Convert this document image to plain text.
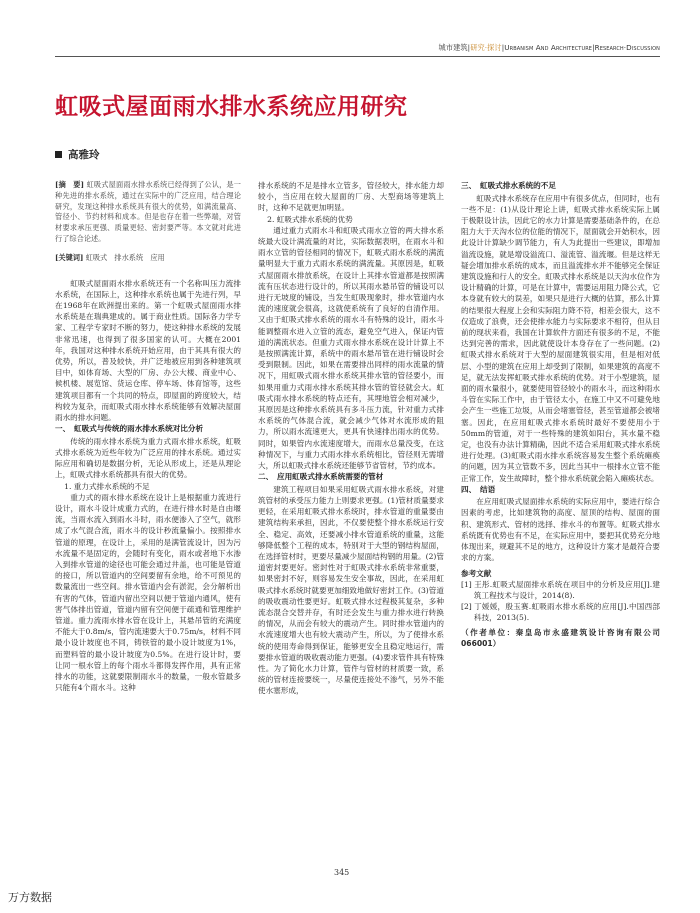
城市建筑|研究·探讨|Urbanism And Architecture|Research·Discussion
虹吸式屋面雨水排水系统应用研究
高雅玲
[摘　要] 虹吸式屋面雨水排水系统已经得到了公认，是一种先进的排水系统，通过在实际中的广泛应用，结合理论研究，发现这种排水系统具有很大的优势，如满流量高、管径小、节约材料和成本。但是也存在着一些弊端，对管材要求承压更强、质量更轻、密封要严等。本文就对此进行了综合论述。
[关键词] 虹吸式　排水系统　应用

虹吸式屋面雨水排水系统还有一个名称叫压力流排水系统，在国际上，这种排水系统也属于先进行列，早在1968年在欧洲提出来的。第一个虹吸式屋面雨水排水系统是在瑞典建成的。属于商业性质。国际各力学专家、工程学专家时不断的努力，使这种排水系统的发展非常迅速，也得到了很多国家的认可。大概在2001年，我国对这种排水系统开始应用，由于其具有很大的优势，所以，普及较快，并广泛地被应用到各种建筑项目中，如体育场、大型的厂房、办公大楼、商业中心、候机楼、展览馆、货运仓库、停车场、体育馆等，这些建筑项目都有一个共同的特点，即屋面的跨度较大，结构较为复杂，而虹吸式雨水排水系统能够有效解决屋面雨水的排水问题。

一、　虹吸式与传统的雨水排水系统对比分析

传统的雨水排水系统为重力式雨水排水系统，虹吸式排水系统为近些年较为广泛应用的排水系统。通过实际应用和确切是数据分析，无论从形成上，还是从理论上，虹吸式排水系统都具有很大的优势。

1. 重力式排水系统的不足

重力式的雨水排水系统在设计上是根据重力流进行设计，雨水斗设计成重力式的，在进行排水时是自由堰流，当雨水流入到雨水斗时，雨水便渗入了空气，就形成了水气混合流，雨水斗的设计秒流量偏小。按照排水管道的原理，在设计上，采用的是满管流设计，因为污水流量不是固定的，会随时有变化，雨水或者地下水渗入到排水管道的途径也可能会通过井盖，也可能是管道的接口，所以管道内的空间要留有余地，给不可预见的数量流出一些空间。排水管道内会有淤泥，会分解析出有害的气体，管道内留出空间以便于管道内通风，使有害气体排出管道，管道内留有空间便于疏通和管理维护管道。重力流雨水排水管在设计上，其悬吊管的充满度不能大于0.8m/s，管内流速要大于0.75m/s，材料不同最小设计坡度也不同，铸铁管的最小设计坡度为1%，而塑料管的最小设计坡度为0.5%。在进行设计时，要让同一根水管上的每个雨水斗都得发挥作用，具有正常排水的功能，这就要限制雨水斗的数量，一般水管最多只能有4个雨水斗。这种

排水系统的不足是排水立管多，管径较大，排水能力却较小，当应用在较大屋面的厂房、大型商场等建筑上时，这种不足就更加明显。

2. 虹吸式排水系统的优势

通过重力式雨水斗和虹吸式雨水立管的两大排水系统最大设计满流量的对比，实际数据表明，在雨水斗和雨水立管的管径相同的情况下，虹吸式雨水系统的满流量明显大于重力式雨水系统的满流量。其原因是，虹吸式屋面雨水排放系统，在设计上其排水管道都是按照满流有压状态进行设计的，所以其雨水悬吊管的铺设可以进行无坡度的铺设，当发生虹吸现象时，排水管道内水流的速度就会很高，这就使系统有了良好的自清作用。又由于虹吸式排水系统的雨水斗有特殊的设计，雨水斗能调整雨水进入立管的流态，避免空气进入，保证内管道的满流状态。但重力式雨水排水系统在设计计算上不是按照满流计算，系统中的雨水悬吊管在进行铺设时会受到限制。因此，如果在需要排出同样的雨水流量的情况下，用虹吸式雨水排水系统其排水管的管径要小，而如果用重力式雨水排水系统其排水管的管径就会大。虹吸式雨水排水系统的特点还有，其埋地管会相对减少，其原因是这种排水系统具有多斗压力流，针对重力式排水系统的气体混合流，就会减少气体对水流形成的阻力，所以雨水流速更大，更具有快速排出雨水的优势。同时，如果管内水流速度增大，而雨水总量没变，在这种情况下，与重力式雨水排水系统相比，管径则无需增大，所以虹吸式排水系统还能够节省管材，节约成本。

二、　应用虹吸式排水系统需要的管材

建筑工程项目如果采用虹吸式雨水排水系统，对建筑管材的承受压力能力上则要求更强。(1)管材质量要求更轻，在采用虹吸式排水系统时，排水管道的重量要由建筑结构来承担，因此，不仅要使整个排水系统运行安全、稳定、高效，还要减小排水管道系统的重量，这能够降低整个工程的成本，特别对于大型的钢结构屋面，在选择管材时，更要尽量减少屋面结构钢的用量。(2)管道密封要更好。密封性对于虹吸式排水系统非常重要，如果密封不好，则容易发生安全事故，因此，在采用虹吸式排水系统时就要更加细致地做好密封工作。(3)管道的吸收震动性要更好。虹吸式排水过程极其复杂，多种流态混合交替并存，有时还会发生与重力排水进行转换的情况，从而会有较大的震动产生。同时排水管道内的水流速度增大也有较大震动产生，所以，为了使排水系统的使用寿命得到保证，能够更安全且稳定地运行，需要排水管道的吸收震动能力更强。(4)要求管件具有特殊性。为了简化水力计算，管件与管材的材质要一致，系统的管材连接要统一，尽量使连接处不渗气，另外不能使水塞形成，

三、　虹吸式排水系统的不足

虹吸式排水系统存在应用中有很多优点，但同时，也有一些不足：(1)从设计理论上讲，虹吸式排水系统实际上属于极限设计法，因此它的水力计算是需要基础条件的，在总阻力大于天沟水位的位能的情况下，屋面就会开始积水，因此设计计算缺少调节能力，有人为此提出一些建议，即增加溢流设施，就是增设溢流口、溢流管、溢流堰。但是这样无疑会增加排水系统的成本，而且溢流排水并不能够完全保证建筑设施和行人的安全。虹吸式排水系统是以天沟水位作为设计精确的计算，可是在计算中，需要运用阻力降公式，它本身就有较大的误差，如果只是进行大概的估算，那么计算的结果很大程度上会和实际阻力降不符，相差会很大，这不仅造成了浪费，还会使排水能力与实际要求不相符，但从目前的现状来看，我国在计算软件方面还有很多的不足，不能达到完善的需求，因此就使设计本身存在了一些问题。(2)虹吸式排水系统对于大型的屋面建筑很实用，但是相对低层、小型的建筑在应用上却受到了限制，如果建筑的高度不足，就无法发挥虹吸式排水系统的优势。对于小型建筑，屋面的雨水量很小，就要使用管径较小的雨水斗，而这种雨水斗管在实际工作中，由于管径太小，在施工中又不可避免地会产生一些施工垃圾，从而会堵塞管径，甚至管道都会被堵塞。因此，在应用虹吸式排水系统时最好不要使用小于50mm的管道，对于一些特殊的建筑如阳台，其水量不稳定，也没有办法计算精确，因此不适合采用虹吸式排水系统进行处理。(3)虹吸式雨水排水系统容易发生整个系统瘫痪的问题，因为其立管数不多，因此当其中一根排水立管不能正常工作，发生故障时，整个排水系统就会陷入瘫痪状态。

四、　结语

在应用虹吸式屋面排水系统的实际应用中，要进行综合因素的考虑，比如建筑物的高度、屋顶的结构、屋面的面积、建筑形式、管材的选择、排水斗的布置等。虹吸式排水系统既有优势也有不足，在实际应用中，要把其优势充分地体现出来，规避其不足的地方，这种设计方案才是最符合要求的方案。

参考文献

[1] 王彤.虹吸式屋面排水系统在项目中的分析及应用[J].建筑工程技术与设计，2014(8).

[2] 丁媛媛，殷玉赛.虹吸雨水排水系统的应用[J].中国西部科技，2013(5).

（作者单位：秦皇岛市永盛建筑设计咨询有限公司066001）

345
万方数据
